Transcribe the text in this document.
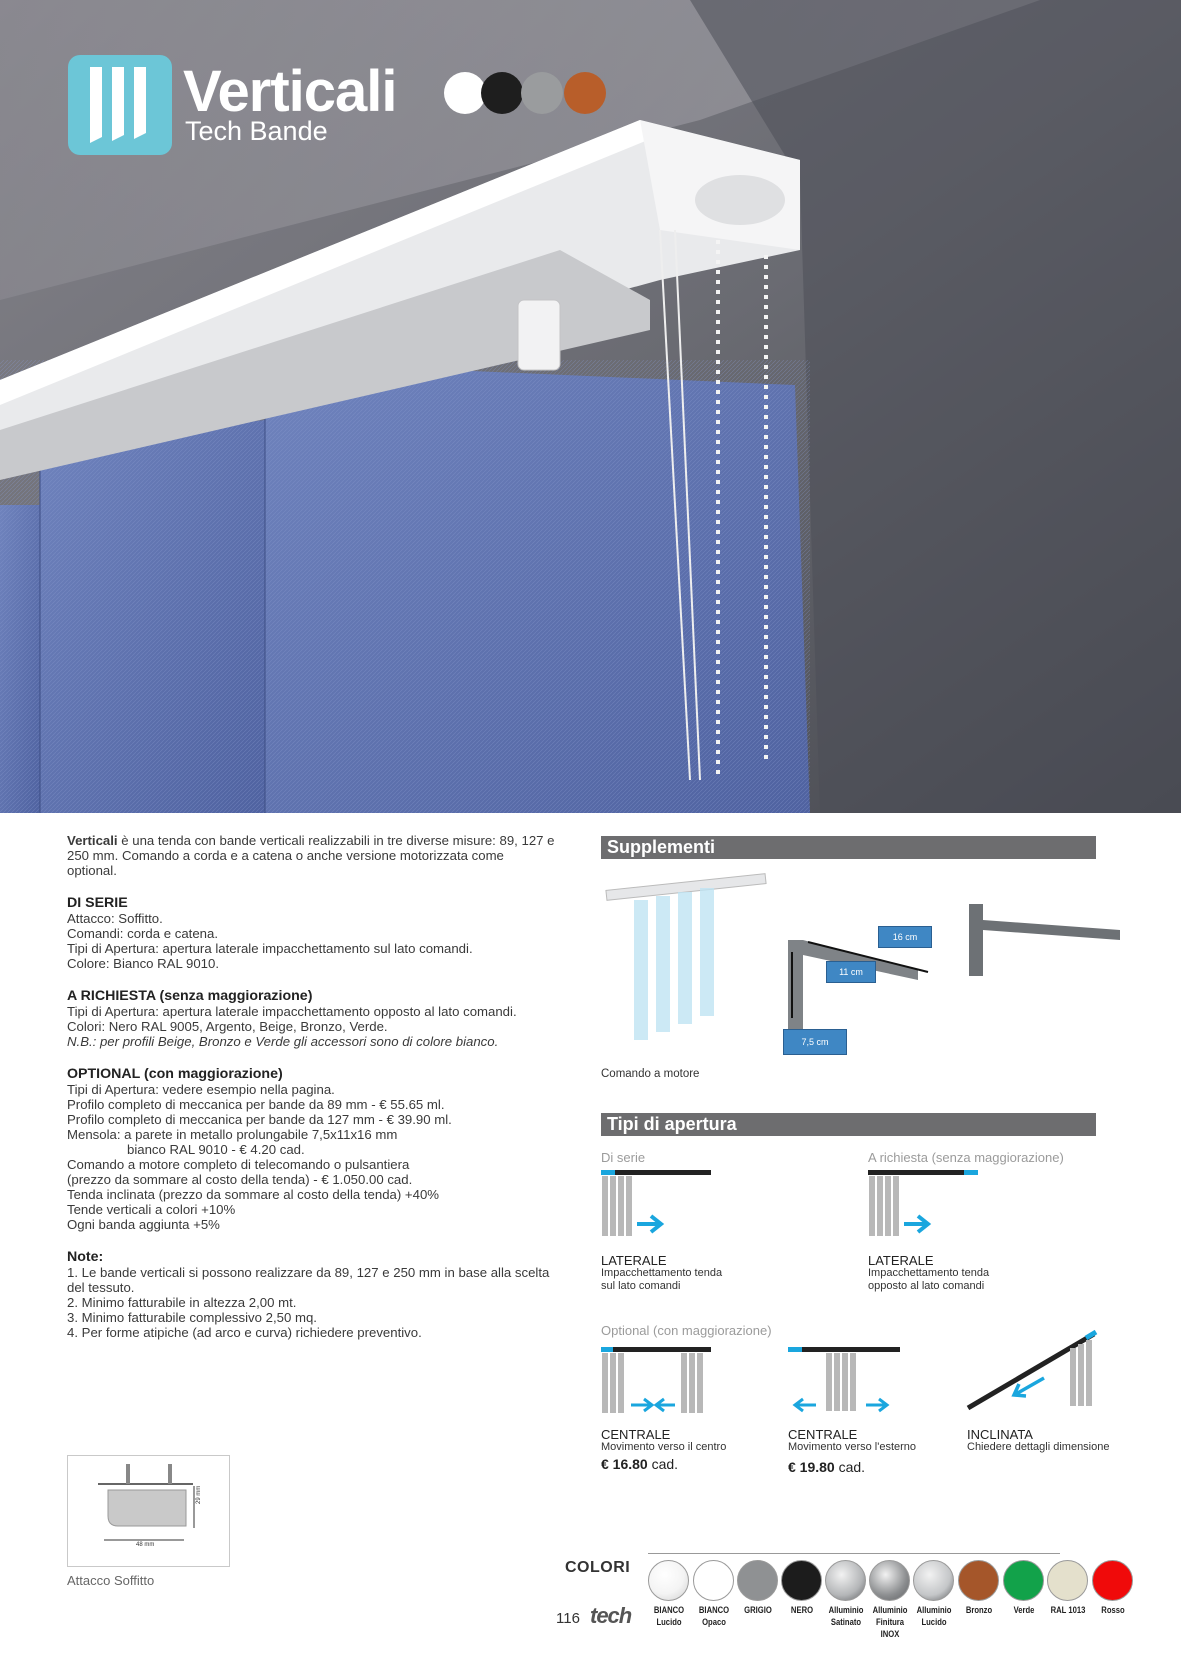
Verticali
Tech Bande

Verticali è una tenda con bande verticali realizzabili in tre diverse misure: 89, 127 e 250 mm. Comando a corda e a catena o anche versione motorizzata come optional.

DI SERIE

Attacco: Soffitto.

Comandi: corda e catena.

Tipi di Apertura: apertura laterale impacchettamento sul lato comandi.

Colore: Bianco RAL 9010.

A RICHIESTA (senza maggiorazione)

Tipi di Apertura: apertura laterale impacchettamento opposto al lato comandi.

Colori: Nero RAL 9005, Argento, Beige, Bronzo, Verde.

N.B.: per profili Beige, Bronzo e Verde gli accessori sono di colore bianco.

OPTIONAL (con maggiorazione)

Tipi di Apertura: vedere esempio nella pagina.

Profilo completo di meccanica per bande da 89 mm - € 55.65 ml.

Profilo completo di meccanica per bande da 127 mm - € 39.90 ml.

Mensola: a parete in metallo prolungabile 7,5x11x16 mm

bianco RAL 9010 - € 4.20 cad.

Comando a motore completo di telecomando o pulsantiera

(prezzo da sommare al costo della tenda) - € 1.050.00 cad.

Tenda inclinata (prezzo da sommare al costo della tenda) +40%

Tende verticali a colori +10%

Ogni banda aggiunta +5%

Note:

1. Le bande verticali si possono realizzare da 89, 127 e 250 mm in base alla scelta del tessuto.

2. Minimo fatturabile in altezza 2,00 mt.

3. Minimo fatturabile complessivo 2,50 mq.

4. Per forme atipiche (ad arco e curva) richiedere preventivo.

Supplementi
Comando a motore
16 cm
11 cm
7,5 cm
Tipi di apertura
Di serie	A richiesta (senza maggiorazione)
LATERALE
Impacchettamento tenda
sul lato comandi
LATERALE
Impacchettamento tenda
opposto al lato comandi
Optional (con maggiorazione)
CENTRALE
Movimento verso il centro
€ 16.80 cad.
CENTRALE
Movimento verso l'esterno
€ 19.80 cad.
INCLINATA
Chiedere dettagli dimensione
48 mm
29 mm
Attacco Soffitto
COLORI
BIANCO
Lucido
BIANCO
Opaco
GRIGIO	NERO	Alluminio
Satinato
Alluminio
Finitura
INOX
Alluminio
Lucido
Bronzo	Verde	RAL 1013	Rosso
116 tech
